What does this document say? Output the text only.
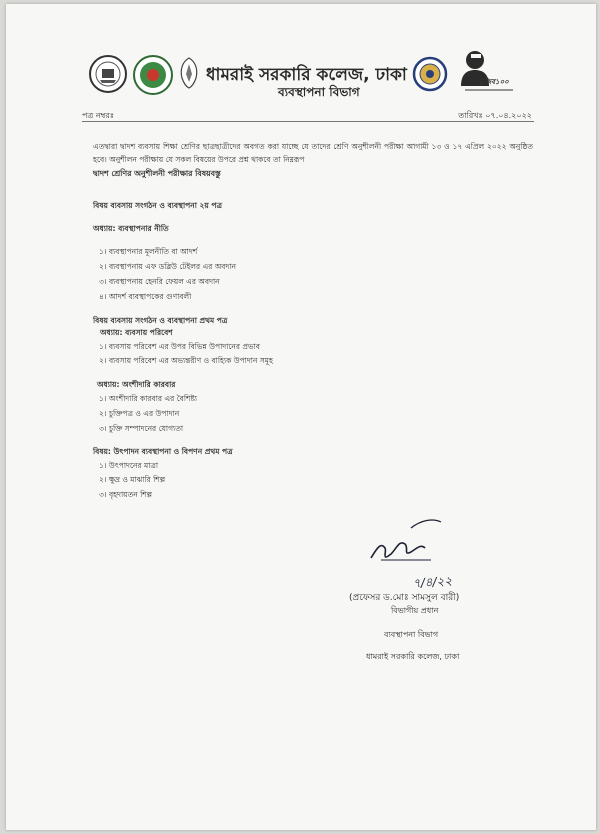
ধামরাই সরকারি কলেজ, ঢাকা
ব্যবস্থাপনা বিভাগ
মুজিব১০০
পত্র নম্বরঃ	তারিখঃ ০৭.০৪.২০২২
এতদ্বারা দ্বাদশ ব্যবসায় শিক্ষা শ্রেণির ছাত্রছাত্রীদের অবগত করা যাচ্ছে যে তাদের শ্রেণি অনুশীলনী পরীক্ষা আগামী ১৩ ও ১৭ এপ্রিল ২০২২ অনুষ্ঠিত হবে। অনুশীলন পরীক্ষায় যে সকল বিষয়ের উপরে প্রশ্ন থাকবে তা নিম্নরূপ
দ্বাদশ শ্রেণির অনুশীলনী পরীক্ষার বিষয়বস্তু
বিষয় ব্যবসায় সংগঠন ও ব্যবস্থাপনা ২য় পত্র
অধ্যায়: ব্যবস্থাপনার নীতি
১। ব্যবস্থাপনার মূলনীতি বা আদর্শ
২। ব্যবস্থাপনায় এফ ডব্লিউ টেইলর এর অবদান
৩। ব্যবস্থাপনায় হেনরি ফেয়ল এর অবদান
৪। আদর্শ ব্যবস্থাপকের গুণাবলী
বিষয় ব্যবসায় সংগঠন ও ব্যবস্থাপনা প্রথম পত্র
অধ্যায়: ব্যবসায় পরিবেশ
১। ব্যবসায় পরিবেশ এর উপর বিভিন্ন উপাদানের প্রভাব
২। ব্যবসায় পরিবেশ এর অভ্যন্তরীণ ও বাহ্যিক উপাদান সমূহ
অধ্যায়: অংশীদারি কারবার
১। অংশীদারি কারবার এর বৈশিষ্ট্য
২। চুক্তিপত্র ও এর উপাদান
৩। চুক্তি সম্পাদনের যোগ্যতা
বিষয়: উৎপাদন ব্যবস্থাপনা ও বিপণন প্রথম পত্র
১। উৎপাদনের মাত্রা
২। ক্ষুদ্র ও মাঝারি শিল্প
৩। বৃহদায়তন শিল্প
৭/৪/২২
(প্রফেসর ড.মোঃ সামসুল বারী)
বিভাগীয় প্রধান
ব্যবস্থাপনা বিভাগ
ধামরাই সরকারি কলেজ, ঢাকা
